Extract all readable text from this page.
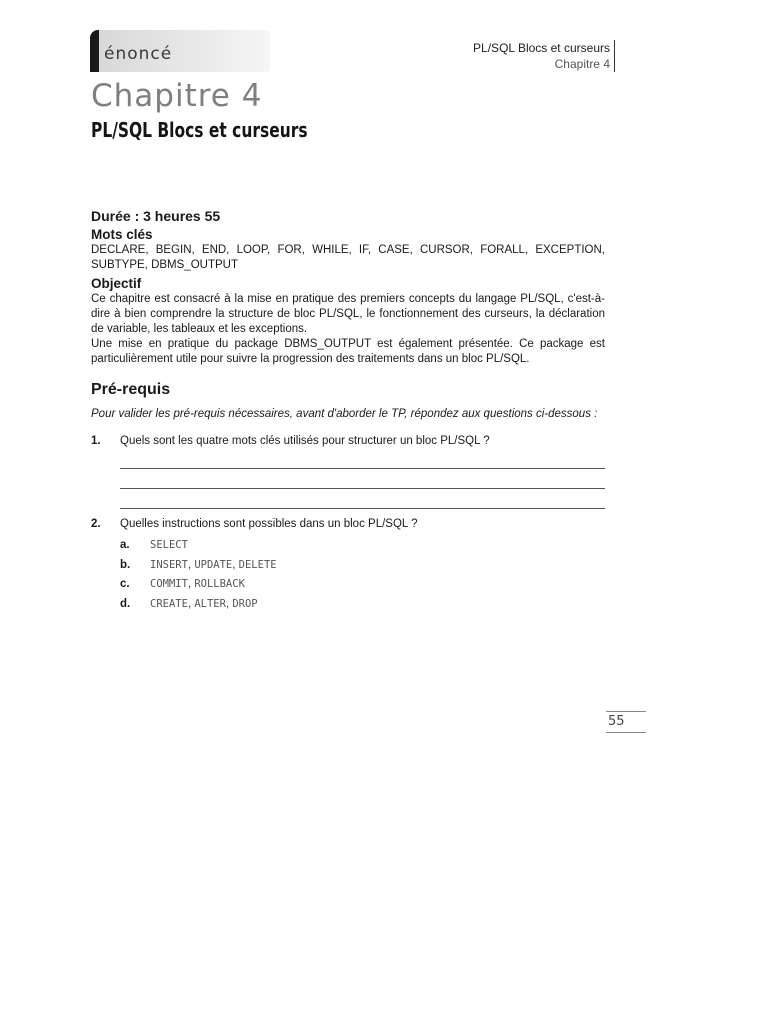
énoncé	PL/SQL Blocs et curseurs
Chapitre 4
Chapitre 4
PL/SQL Blocs et curseurs

Durée : 3 heures 55

Mots clés

DECLARE, BEGIN, END, LOOP, FOR, WHILE, IF, CASE, CURSOR, FORALL, EXCEPTION, SUBTYPE, DBMS_OUTPUT

Objectif

Ce chapitre est consacré à la mise en pratique des premiers concepts du langage PL/SQL, c'est-à-dire à bien comprendre la structure de bloc PL/SQL, le fonctionnement des curseurs, la déclaration de variable, les tableaux et les exceptions.

Une mise en pratique du package DBMS_OUTPUT est également présentée. Ce package est particulièrement utile pour suivre la progression des traitements dans un bloc PL/SQL.

Pré-requis

Pour valider les pré-requis nécessaires, avant d'aborder le TP, répondez aux questions ci-dessous :

1.	Quels sont les quatre mots clés utilisés pour structurer un bloc PL/SQL ?
2.	Quelles instructions sont possibles dans un bloc PL/SQL ?
a.	SELECT
b.	INSERT, UPDATE, DELETE
c.	COMMIT, ROLLBACK
d.	CREATE, ALTER, DROP
55
